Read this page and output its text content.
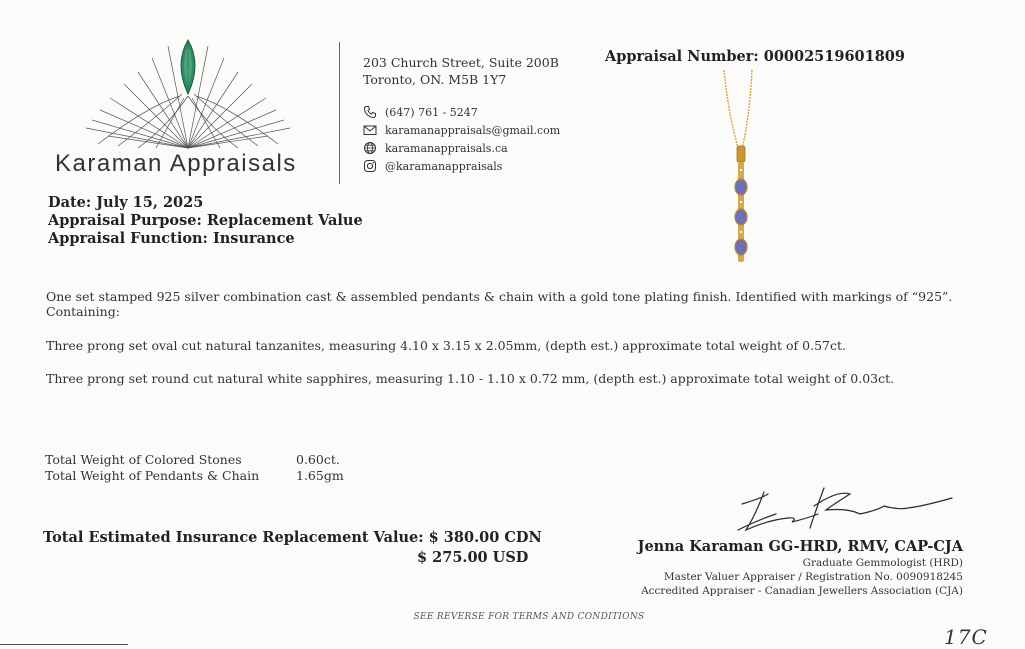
Karaman Appraisals
203 Church Street, Suite 200B
Toronto, ON. M5B 1Y7
(647) 761 - 5247
karamanappraisals@gmail.com
karamanappraisals.ca
@karamanappraisals
Appraisal Number: 00002519601809
Date: July 15, 2025
Appraisal Purpose: Replacement Value
Appraisal Function: Insurance
One set stamped 925 silver combination cast & assembled pendants & chain with a gold tone plating finish. Identified with markings of “925”.
Containing:
Three prong set oval cut natural tanzanites, measuring 4.10 x 3.15 x 2.05mm, (depth est.) approximate total weight of 0.57ct.
Three prong set round cut natural white sapphires, measuring 1.10 - 1.10 x 0.72 mm, (depth est.) approximate total weight of 0.03ct.
Total Weight of Colored Stones	0.60ct.
Total Weight of Pendants & Chain	1.65gm
Total Estimated Insurance Replacement Value: $ 380.00 CDN
$ 275.00 USD
Jenna Karaman GG-HRD, RMV, CAP-CJA
Graduate Gemmologist (HRD)
Master Valuer Appraiser / Registration No. 0090918245
Accredited Appraiser - Canadian Jewellers Association (CJA)
SEE REVERSE FOR TERMS AND CONDITIONS
17C
